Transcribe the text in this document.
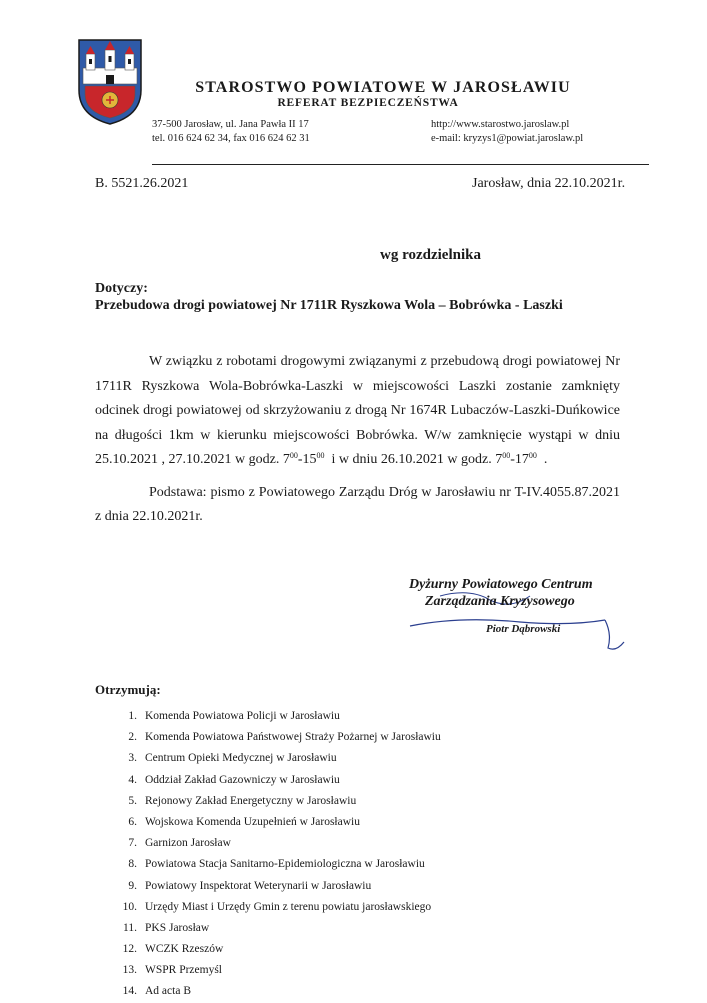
STAROSTWO POWIATOWE W JAROSŁAWIU
REFERAT BEZPIECZEŃSTWA
37-500 Jarosław, ul. Jana Pawła II 17
tel. 016 624 62 34, fax 016 624 62 31
http://www.starostwo.jaroslaw.pl
e-mail: kryzys1@powiat.jaroslaw.pl
B. 5521.26.2021	Jarosław, dnia 22.10.2021r.
wg rozdzielnika
Dotyczy:
Przebudowa drogi powiatowej Nr 1711R Ryszkowa Wola – Bobrówka - Laszki

W związku z robotami drogowymi związanymi z przebudową drogi powiatowej Nr 1711R Ryszkowa Wola-Bobrówka-Laszki w miejscowości Laszki zostanie zamknięty odcinek drogi powiatowej od skrzyżowaniu z drogą Nr 1674R Lubaczów-Laszki-Duńkowice na długości 1km w kierunku miejscowości Bobrówka. W/w zamknięcie wystąpi w dniu 25.10.2021 , 27.10.2021 w godz. $7^{00}-15^{00}$ i w dniu 26.10.2021 w godz. $7^{00}-17^{00}$ .

Podstawa: pismo z Powiatowego Zarządu Dróg w Jarosławiu nr T-IV.4055.87.2021 z dnia 22.10.2021r.

Dyżurny Powiatowego Centrum
Zarządzania Kryzysowego
Piotr Dąbrowski
Otrzymują:
1. Komenda Powiatowa Policji w Jarosławiu
2. Komenda Powiatowa Państwowej Straży Pożarnej w Jarosławiu
3. Centrum Opieki Medycznej w Jarosławiu
4. Oddział Zakład Gazowniczy w Jarosławiu
5. Rejonowy Zakład Energetyczny w Jarosławiu
6. Wojskowa Komenda Uzupełnień w Jarosławiu
7. Garnizon Jarosław
8. Powiatowa Stacja Sanitarno-Epidemiologiczna w Jarosławiu
9. Powiatowy Inspektorat Weterynarii w Jarosławiu
10. Urzędy Miast i Urzędy Gmin z terenu powiatu jarosławskiego
11. PKS Jarosław
12. WCZK Rzeszów
13. WSPR Przemyśl
14. Ad acta B
